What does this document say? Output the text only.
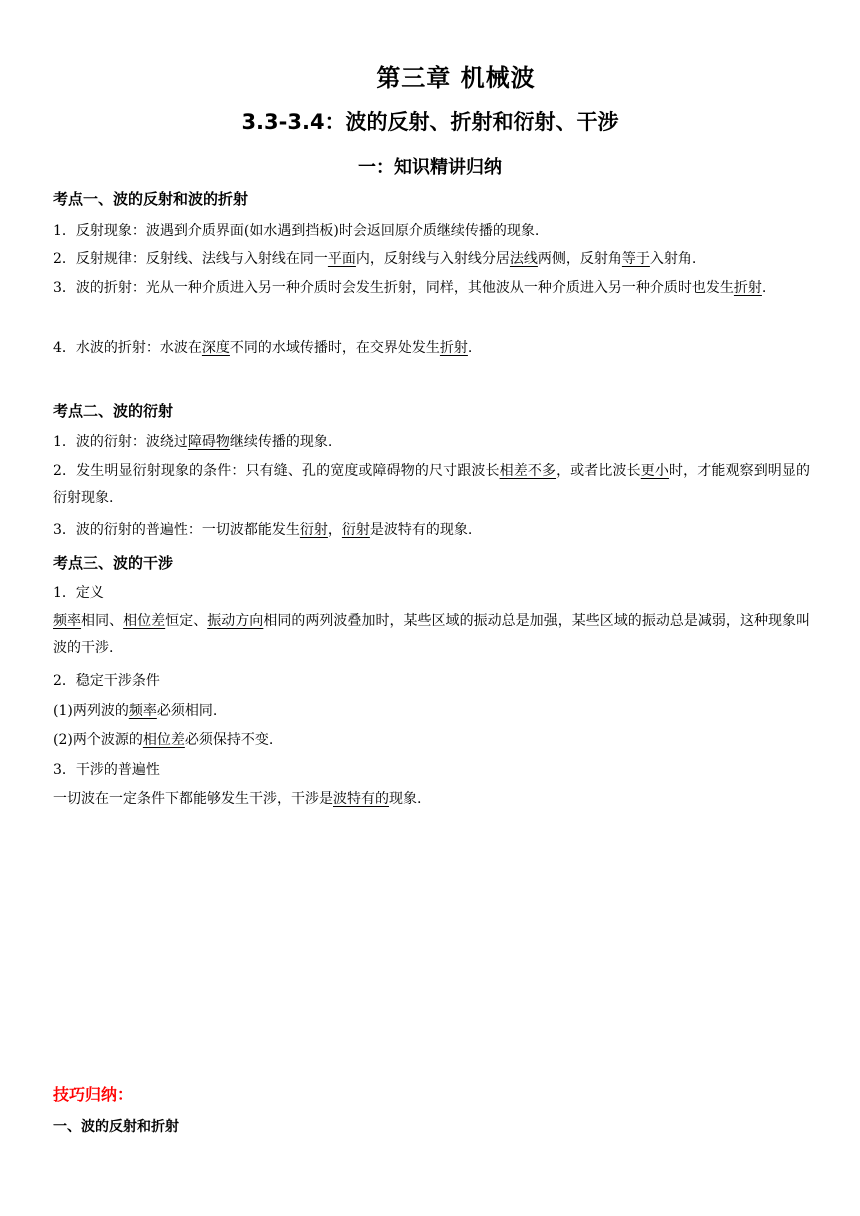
第三章 机械波
3.3-3.4：波的反射、折射和衍射、干涉
一：知识精讲归纳
考点一、波的反射和波的折射

1．反射现象：波遇到介质界面(如水遇到挡板)时会返回原介质继续传播的现象.

2．反射规律：反射线、法线与入射线在同一平面内，反射线与入射线分居法线两侧，反射角等于入射角.

3．波的折射：光从一种介质进入另一种介质时会发生折射，同样，其他波从一种介质进入另一种介质时也发生折射.

4．水波的折射：水波在深度不同的水域传播时，在交界处发生折射.

考点二、波的衍射

1．波的衍射：波绕过障碍物继续传播的现象.

2．发生明显衍射现象的条件：只有缝、孔的宽度或障碍物的尺寸跟波长相差不多，或者比波长更小时，才能观察到明显的衍射现象.

3．波的衍射的普遍性：一切波都能发生衍射，衍射是波特有的现象.

考点三、波的干涉

1．定义

频率相同、相位差恒定、振动方向相同的两列波叠加时，某些区域的振动总是加强，某些区域的振动总是减弱，这种现象叫波的干涉.

2．稳定干涉条件

(1)两列波的频率必须相同.

(2)两个波源的相位差必须保持不变.

3．干涉的普遍性

一切波在一定条件下都能够发生干涉，干涉是波特有的现象.

技巧归纳：
一、波的反射和折射
